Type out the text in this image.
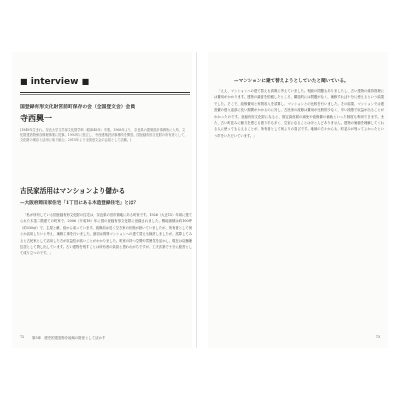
■ interview ■
国登録有形文化財宮前町保存の会（全国登文会）会員
寺西興一
(1948年生まれ。奈良大学文学部文化財学科（昭和48年）卒業。1968年より、奈良県の建築設計事務所に入所、文化財建造物保存修理事業に従事。1993年に独立し、寺西建築設計事務所を開設。国登録有形文化財の所有者として、文化財の保存と活用に取り組む。2015年より全国登文会の会員として活動。)
古民家活用はマンションより儲かる
—大阪府岡田家住宅「1丁目にある木造登録住宅」とは？
「私が所有している国登録有形文化財の住宅は、奈良県の旧市街地にある町家です。1926（大正15）年頃に建てられた木造二階建ての町家で、2006（平成18）年に国の登録有形文化財に登録されました。敷地面積は約100坪（約330㎡）で、主屋と蔵、庭から成っています。改修前は長く空き家の状態が続いていましたが、所有者として何とか活用したいと考え、補修工事を行いました。最初は賃貸マンションへの建て替えも検討しましたが、試算してみると古民家として活用した方が収益性が高いことがわかりました。町家の持つ空間や雰囲気を活かし、現在は店舗兼住居として貸し出しています。古い建物を残すことは所有者の負担と思われがちですが、工夫次第で十分に経営として成り立つのです。」
72 第3章　歴史的建造物を地域の財産として活かす
—マンションに建て替えようとしていたと聞いている。
「ええ、マンションへの建て替えも真剣に考えていました。相続の問題もありましたし、古い建物の維持管理には費用がかかります。建物の調査を依頼したところ、構造的には問題がなく、補修すれば十分に使えるという結果でした。そこで、改修費用と家賃収入を試算し、マンションとの比較を行いました。その結果、マンションでは建設費の借入返済に長い期間がかかるのに対し、古民家の改修は費用が比較的少なく、早い段階で収益が出ることがわかったのです。登録有形文化財になると、固定資産税の減免や改修費の補助といった制度も利用できます。また、古い町並みに魅力を感じる借り手も多く、空室になることはほとんどありません。建物の価値を理解してくれる人に使ってもらえることが、所有者として何よりの喜びです。地域の方々からも、町並みが残ってよかったという声をいただいています。」
73
